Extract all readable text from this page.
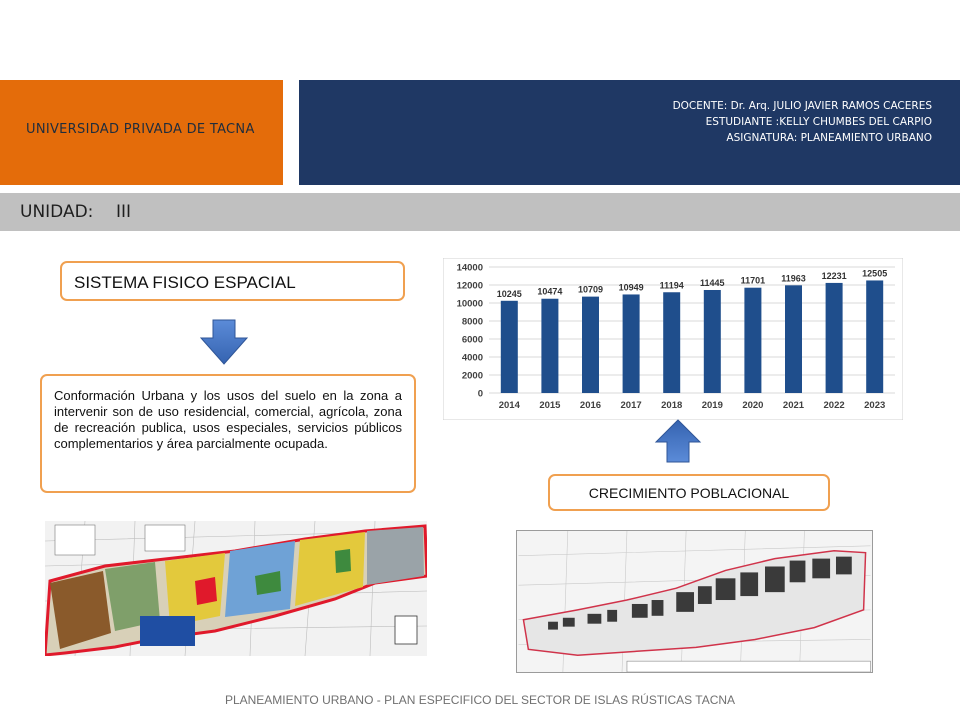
UNIVERSIDAD PRIVADA DE TACNA
DOCENTE: Dr. Arq. JULIO JAVIER RAMOS CACERES
ESTUDIANTE :KELLY CHUMBES DEL CARPIO
ASIGNATURA: PLANEAMIENTO URBANO
UNIDAD: III
SISTEMA FISICO ESPACIAL

Conformación Urbana y los usos del suelo en la zona a intervenir son de uso residencial, comercial, agrícola, zona de recreación publica, usos especiales, servicios públicos complementarios y área parcialmente ocupada.

0
2000
4000
6000
8000
10000
12000
14000
10245
2014
10474
2015
10709
2016
10949
2017
11194
2018
11445
2019
11701
2020
11963
2021
12231
2022
12505
2023
CRECIMIENTO POBLACIONAL
PLANEAMIENTO URBANO - PLAN ESPECIFICO DEL SECTOR DE ISLAS RÚSTICAS TACNA
